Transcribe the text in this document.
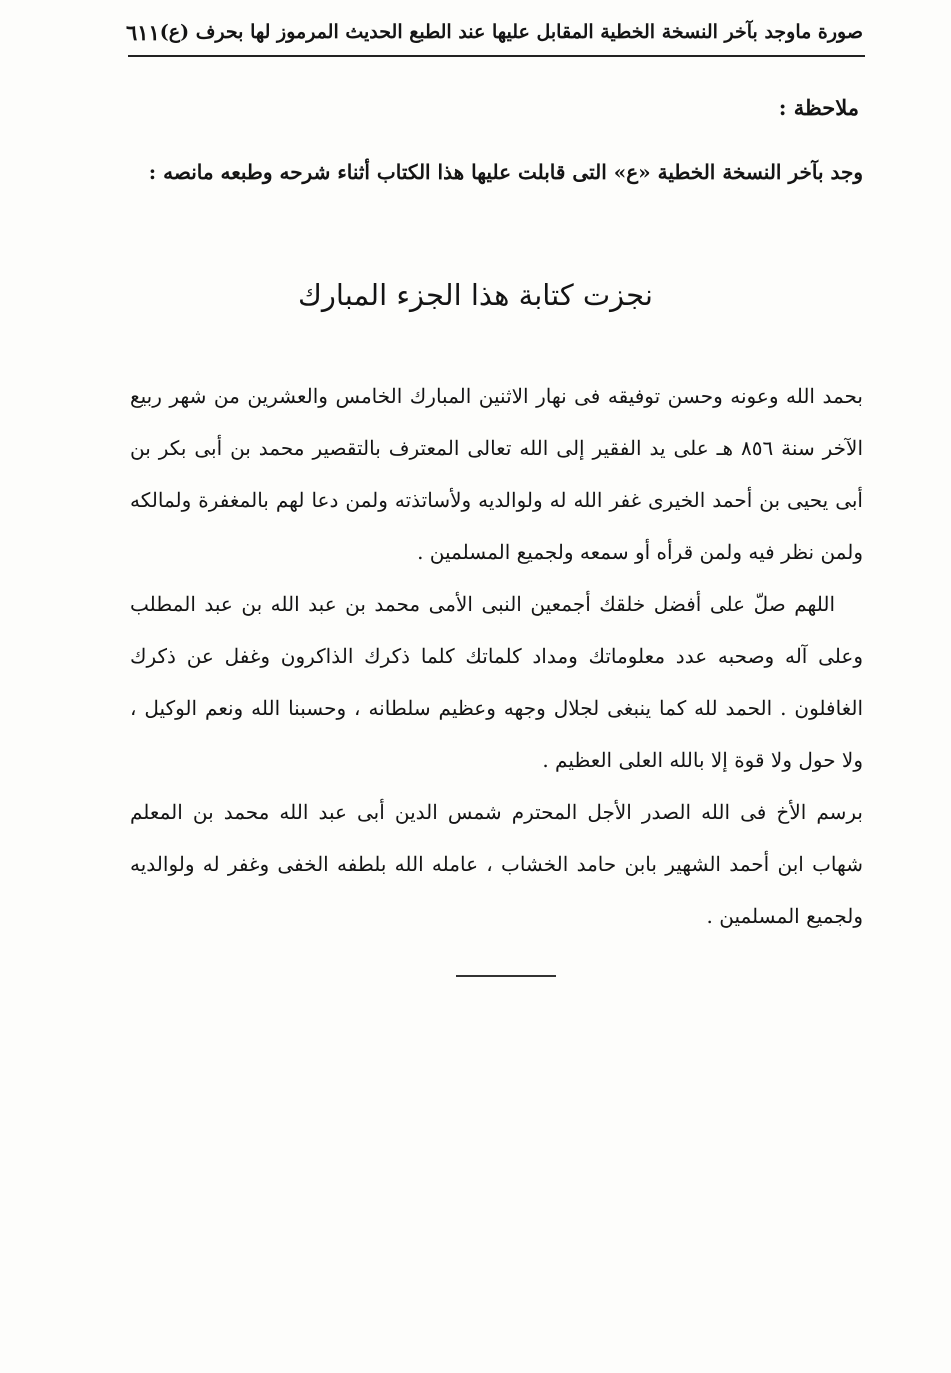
صورة ماوجد بآخر النسخة الخطية المقابل عليها عند الطبع الحديث المرموز لها بحرف (ع)
٦١١
ملاحظة :
وجد بآخر النسخة الخطية «ع» التى قابلت عليها هذا الكتاب أثناء شرحه وطبعه مانصه :
نجزت كتابة هذا الجزء المبارك
بحمد الله وعونه وحسن توفيقه فى نهار الاثنين المبارك الخامس والعشرين من شهر ربيع الآخر سنة ٨٥٦ هـ على يد الفقير إلى الله تعالى المعترف بالتقصير محمد بن أبى بكر بن أبى يحيى بن أحمد الخيرى غفر الله له ولوالديه ولأساتذته ولمن دعا لهم بالمغفرة ولمالكه ولمن نظر فيه ولمن قرأه أو سمعه ولجميع المسلمين .
اللهم صلّ على أفضل خلقك أجمعين النبى الأمى محمد بن عبد الله بن عبد المطلب وعلى آله وصحبه عدد معلوماتك ومداد كلماتك كلما ذكرك الذاكرون وغفل عن ذكرك الغافلون . الحمد لله كما ينبغى لجلال وجهه وعظيم سلطانه ، وحسبنا الله ونعم الوكيل ، ولا حول ولا قوة إلا بالله العلى العظيم .
برسم الأخ فى الله الصدر الأجل المحترم شمس الدين أبى عبد الله محمد بن المعلم شهاب ابن أحمد الشهير بابن حامد الخشاب ، عامله الله بلطفه الخفى وغفر له ولوالديه ولجميع المسلمين .
